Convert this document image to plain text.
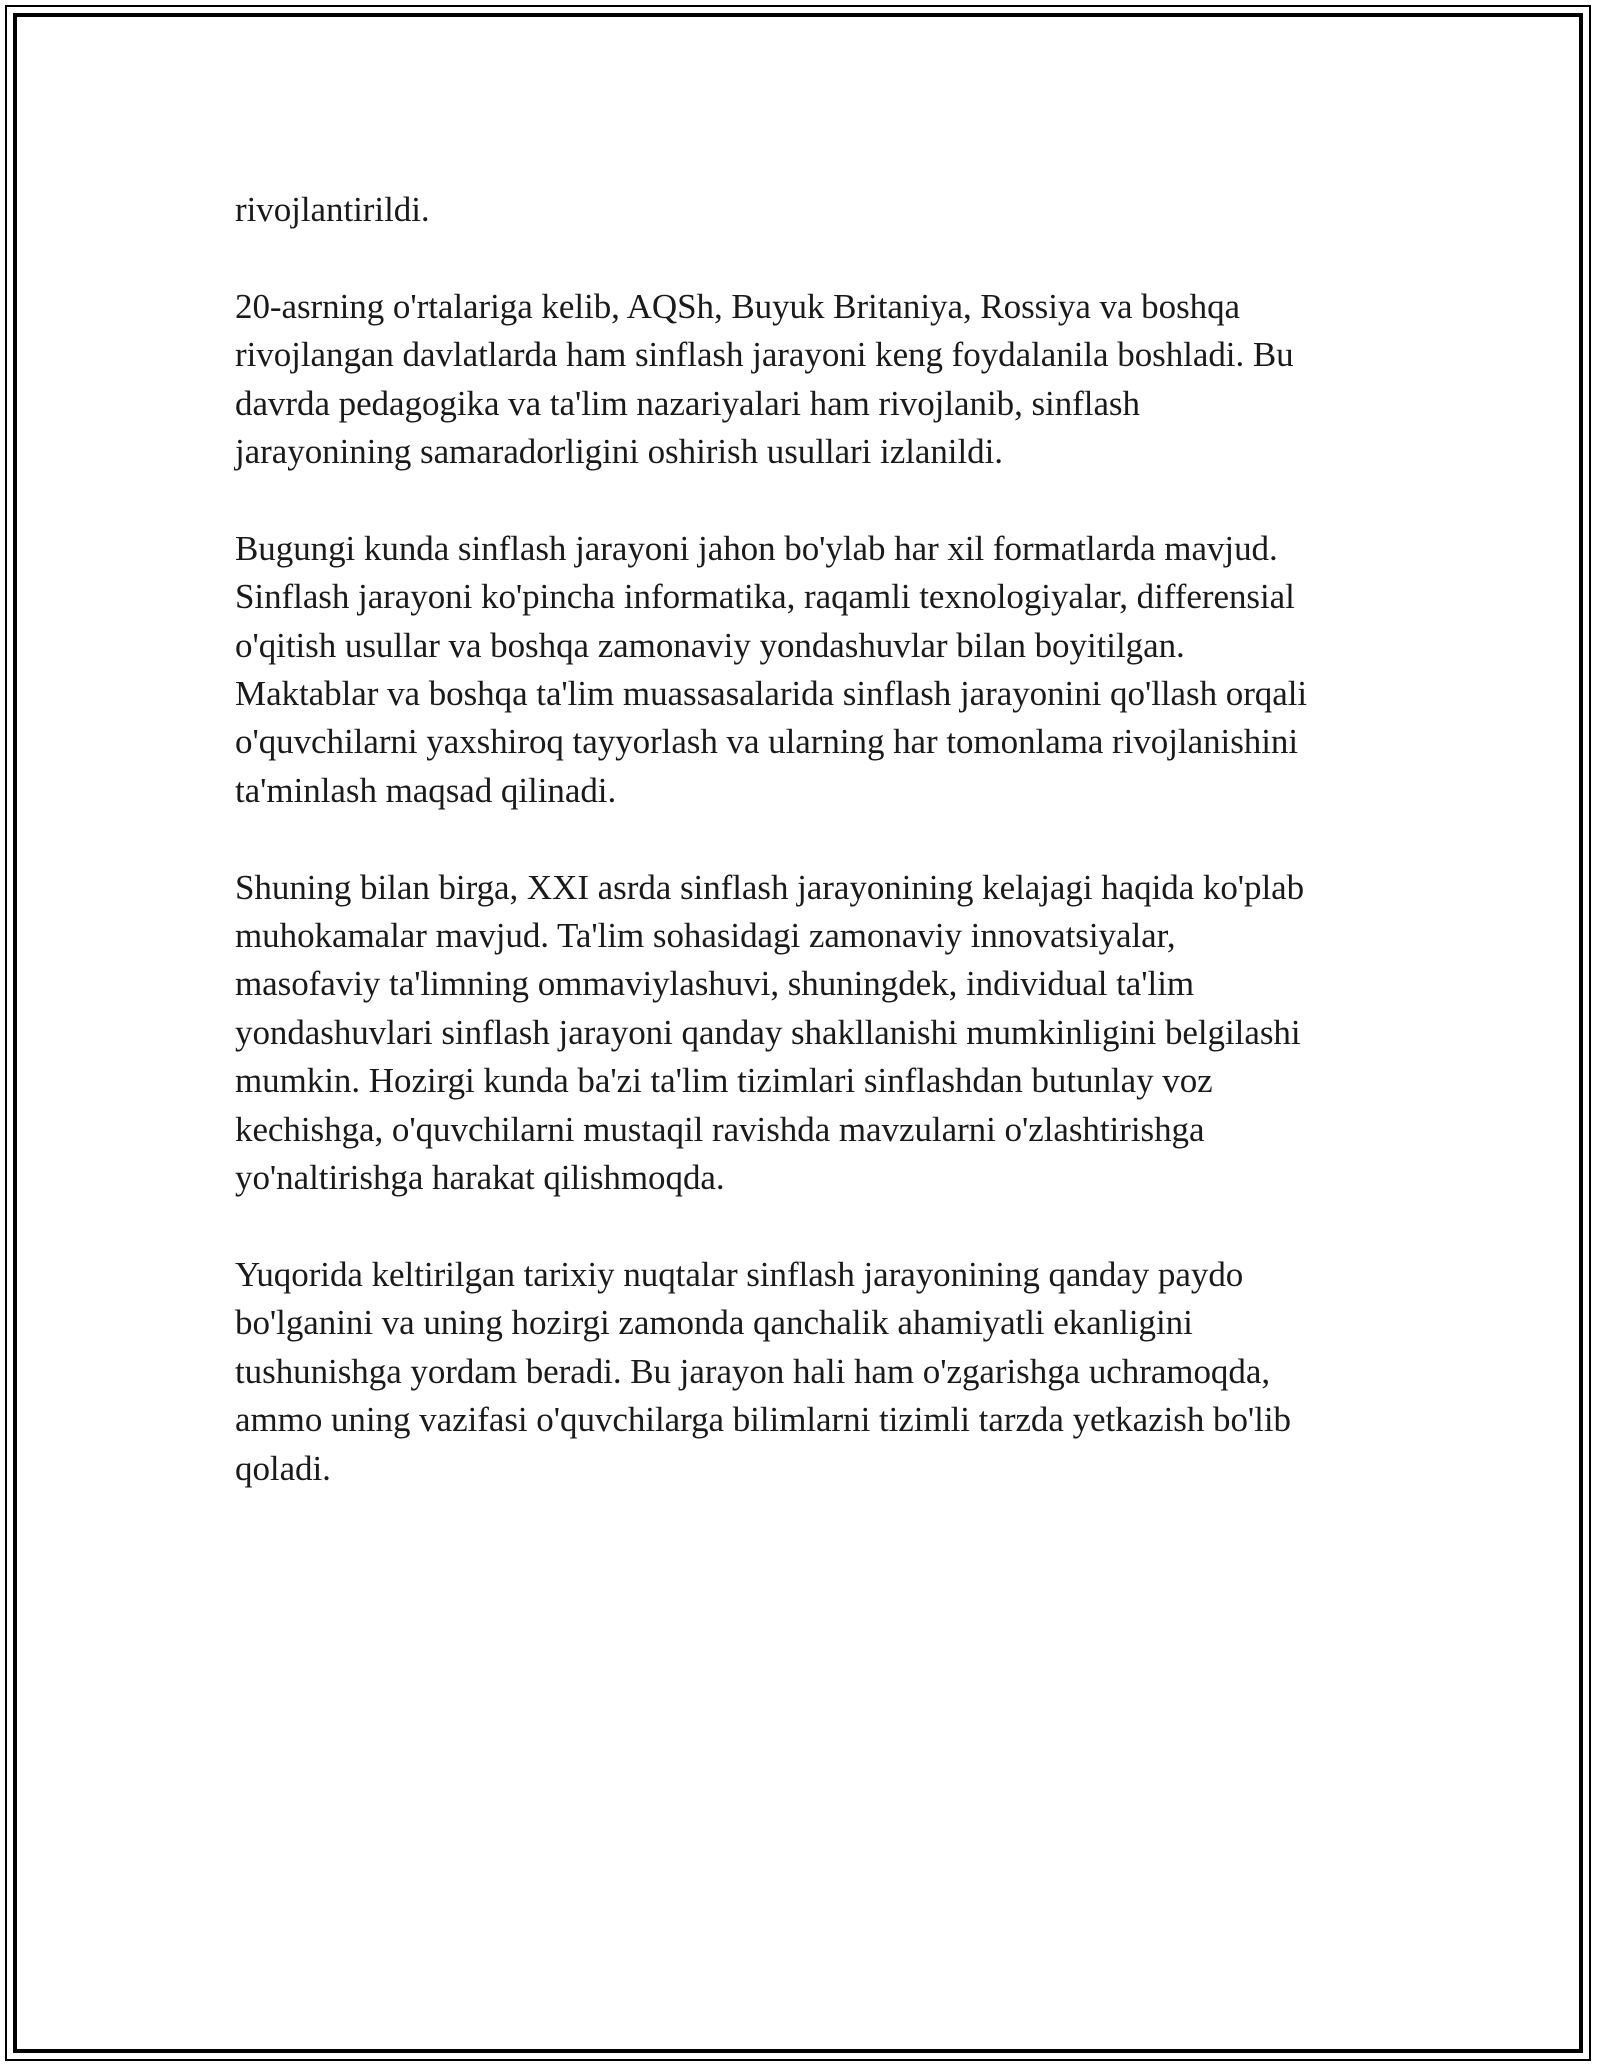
rivojlantirildi.

20-asrning o'rtalariga kelib, AQSh, Buyuk Britaniya, Rossiya va boshqa
rivojlangan davlatlarda ham sinflash jarayoni keng foydalanila boshladi. Bu
davrda pedagogika va ta'lim nazariyalari ham rivojlanib, sinflash
jarayonining samaradorligini oshirish usullari izlanildi.

Bugungi kunda sinflash jarayoni jahon bo'ylab har xil formatlarda mavjud.
Sinflash jarayoni ko'pincha informatika, raqamli texnologiyalar, differensial
o'qitish usullar va boshqa zamonaviy yondashuvlar bilan boyitilgan.
Maktablar va boshqa ta'lim muassasalarida sinflash jarayonini qo'llash orqali
o'quvchilarni yaxshiroq tayyorlash va ularning har tomonlama rivojlanishini
ta'minlash maqsad qilinadi.

Shuning bilan birga, XXI asrda sinflash jarayonining kelajagi haqida ko'plab
muhokamalar mavjud. Ta'lim sohasidagi zamonaviy innovatsiyalar,
masofaviy ta'limning ommaviylashuvi, shuningdek, individual ta'lim
yondashuvlari sinflash jarayoni qanday shakllanishi mumkinligini belgilashi
mumkin. Hozirgi kunda ba'zi ta'lim tizimlari sinflashdan butunlay voz
kechishga, o'quvchilarni mustaqil ravishda mavzularni o'zlashtirishga
yo'naltirishga harakat qilishmoqda.

Yuqorida keltirilgan tarixiy nuqtalar sinflash jarayonining qanday paydo
bo'lganini va uning hozirgi zamonda qanchalik ahamiyatli ekanligini
tushunishga yordam beradi. Bu jarayon hali ham o'zgarishga uchramoqda,
ammo uning vazifasi o'quvchilarga bilimlarni tizimli tarzda yetkazish bo'lib
qoladi.
